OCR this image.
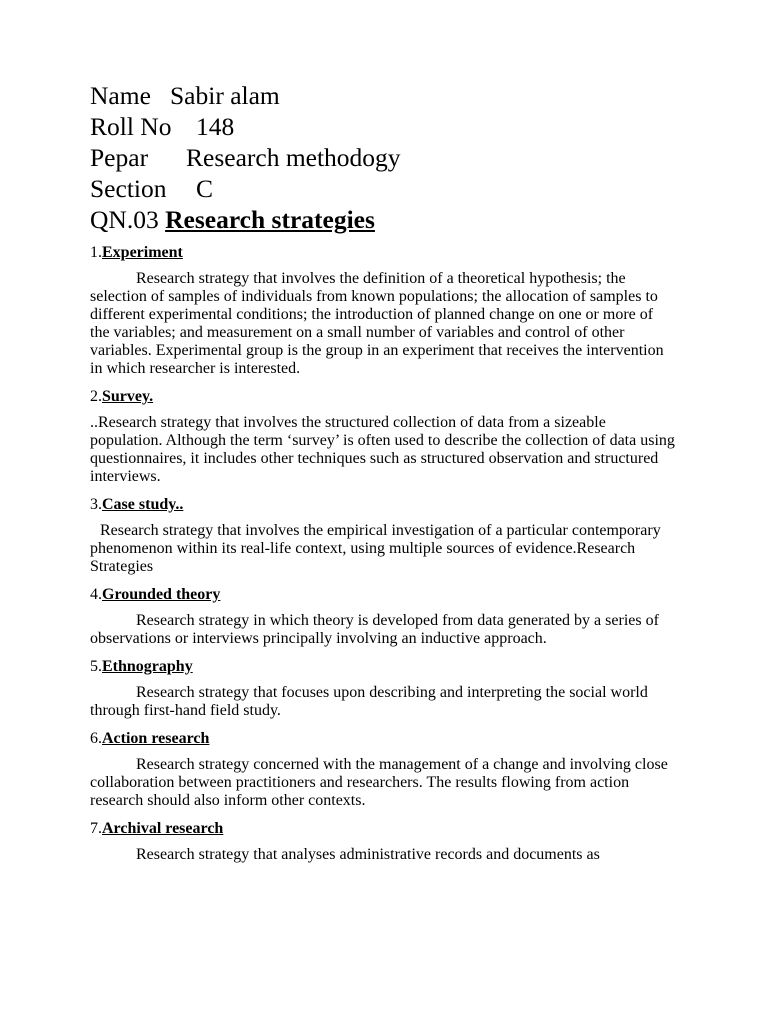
Name Sabir alam
Roll No 148
Pepar Research methodogy
Section C
QN.03 Research strategies
1.Experiment

Research strategy that involves the definition of a theoretical hypothesis; the selection of samples of individuals from known populations; the allocation of samples to different experimental conditions; the introduction of planned change on one or more of the variables; and measurement on a small number of variables and control of other variables. Experimental group is the group in an experiment that receives the intervention in which researcher is interested.

2.Survey.

..Research strategy that involves the structured collection of data from a sizeable population. Although the term ‘survey’ is often used to describe the collection of data using questionnaires, it includes other techniques such as structured observation and structured interviews.

3.Case study..

Research strategy that involves the empirical investigation of a particular contemporary phenomenon within its real-life context, using multiple sources of evidence.Research Strategies

4.Grounded theory

Research strategy in which theory is developed from data generated by a series of observations or interviews principally involving an inductive approach.

5.Ethnography

Research strategy that focuses upon describing and interpreting the social world through first-hand field study.

6.Action research

Research strategy concerned with the management of a change and involving close collaboration between practitioners and researchers. The results flowing from action research should also inform other contexts.

7.Archival research

Research strategy that analyses administrative records and documents as
